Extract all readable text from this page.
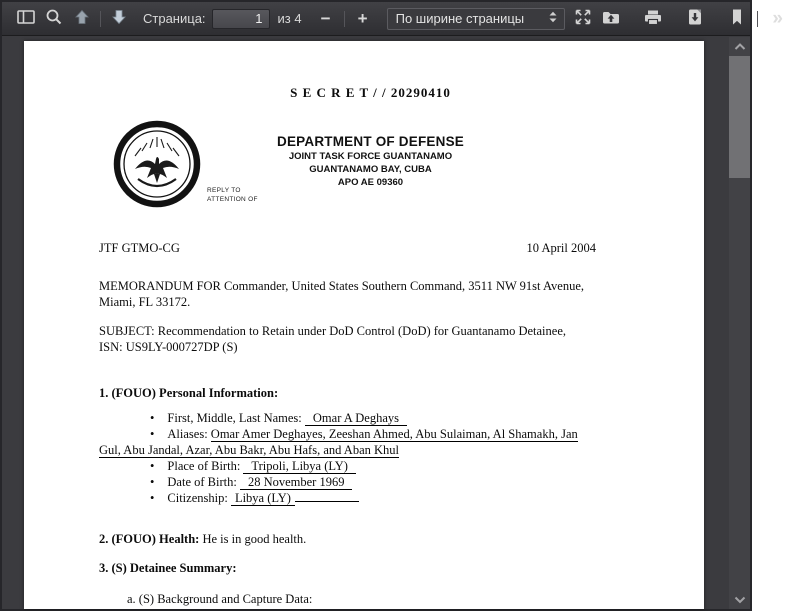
Страница:
1	из 4 − + По ширине страницы	»
S E C R E T / / 20290410
REPLY TO
ATTENTION OF
DEPARTMENT OF DEFENSE
JOINT TASK FORCE GUANTANAMO
GUANTANAMO BAY, CUBA
APO AE 09360
JTF GTMO-CG	10 April 2004
MEMORANDUM FOR Commander, United States Southern Command, 3511 NW 91st Avenue,
Miami, FL 33172.
SUBJECT: Recommendation to Retain under DoD Control (DoD) for Guantanamo Detainee,
ISN: US9LY-000727DP (S)
1. (FOUO) Personal Information:
• First, Middle, Last Names: Omar A Deghays
• Aliases: Omar Amer Deghayes, Zeeshan Ahmed, Abu Sulaiman, Al Shamakh, Jan
Gul, Abu Jandal, Azar, Abu Bakr, Abu Hafs, and Aban Khul
• Place of Birth: Tripoli, Libya (LY)
• Date of Birth: 28 November 1969
• Citizenship: Libya (LY)
2. (FOUO) Health: He is in good health.
3. (S) Detainee Summary:
a. (S) Background and Capture Data:
